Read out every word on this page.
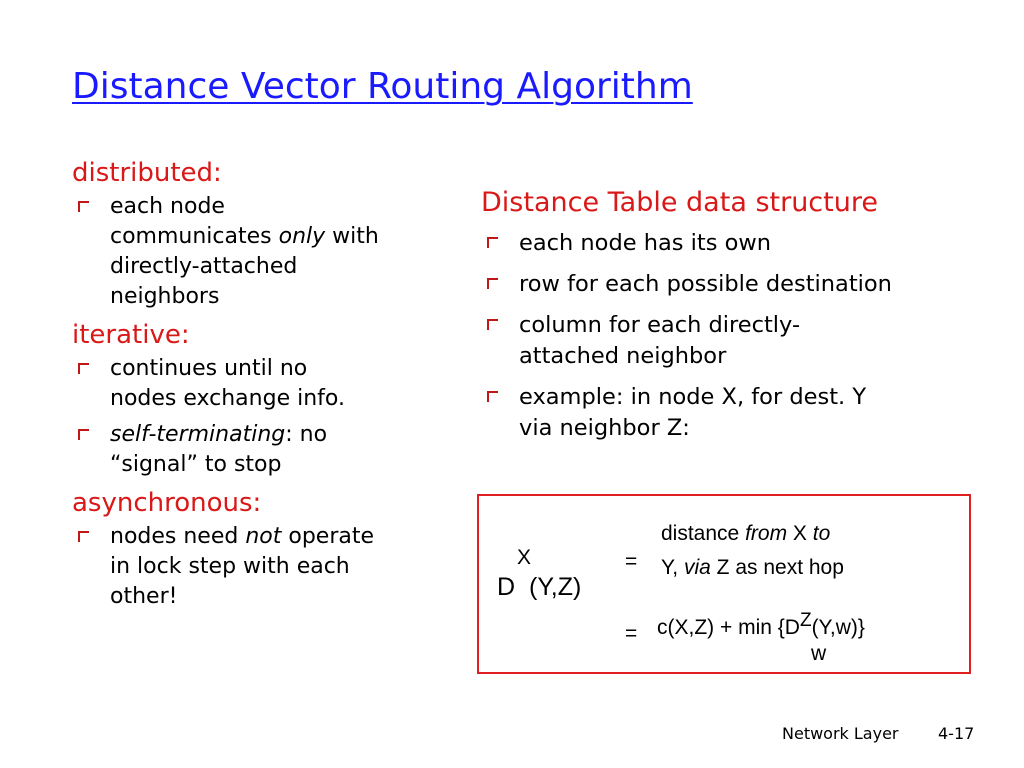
Distance Vector Routing Algorithm

distributed:

each node
communicates only with
directly-attached
neighbors

iterative:

continues until no
nodes exchange info.
self-terminating: no
“signal” to stop

asynchronous:

nodes need not operate
in lock step with each
other!

Distance Table data structure

each node has its own
row for each possible destination
column for each directly-
attached neighbor
example: in node X, for dest. Y
via neighbor Z:
X
D (Y,Z)
=
distance from X to
Y, via Z as next hop
= c(X,Z) + min {DZ(Y,w)}
w
Network Layer 4-17
